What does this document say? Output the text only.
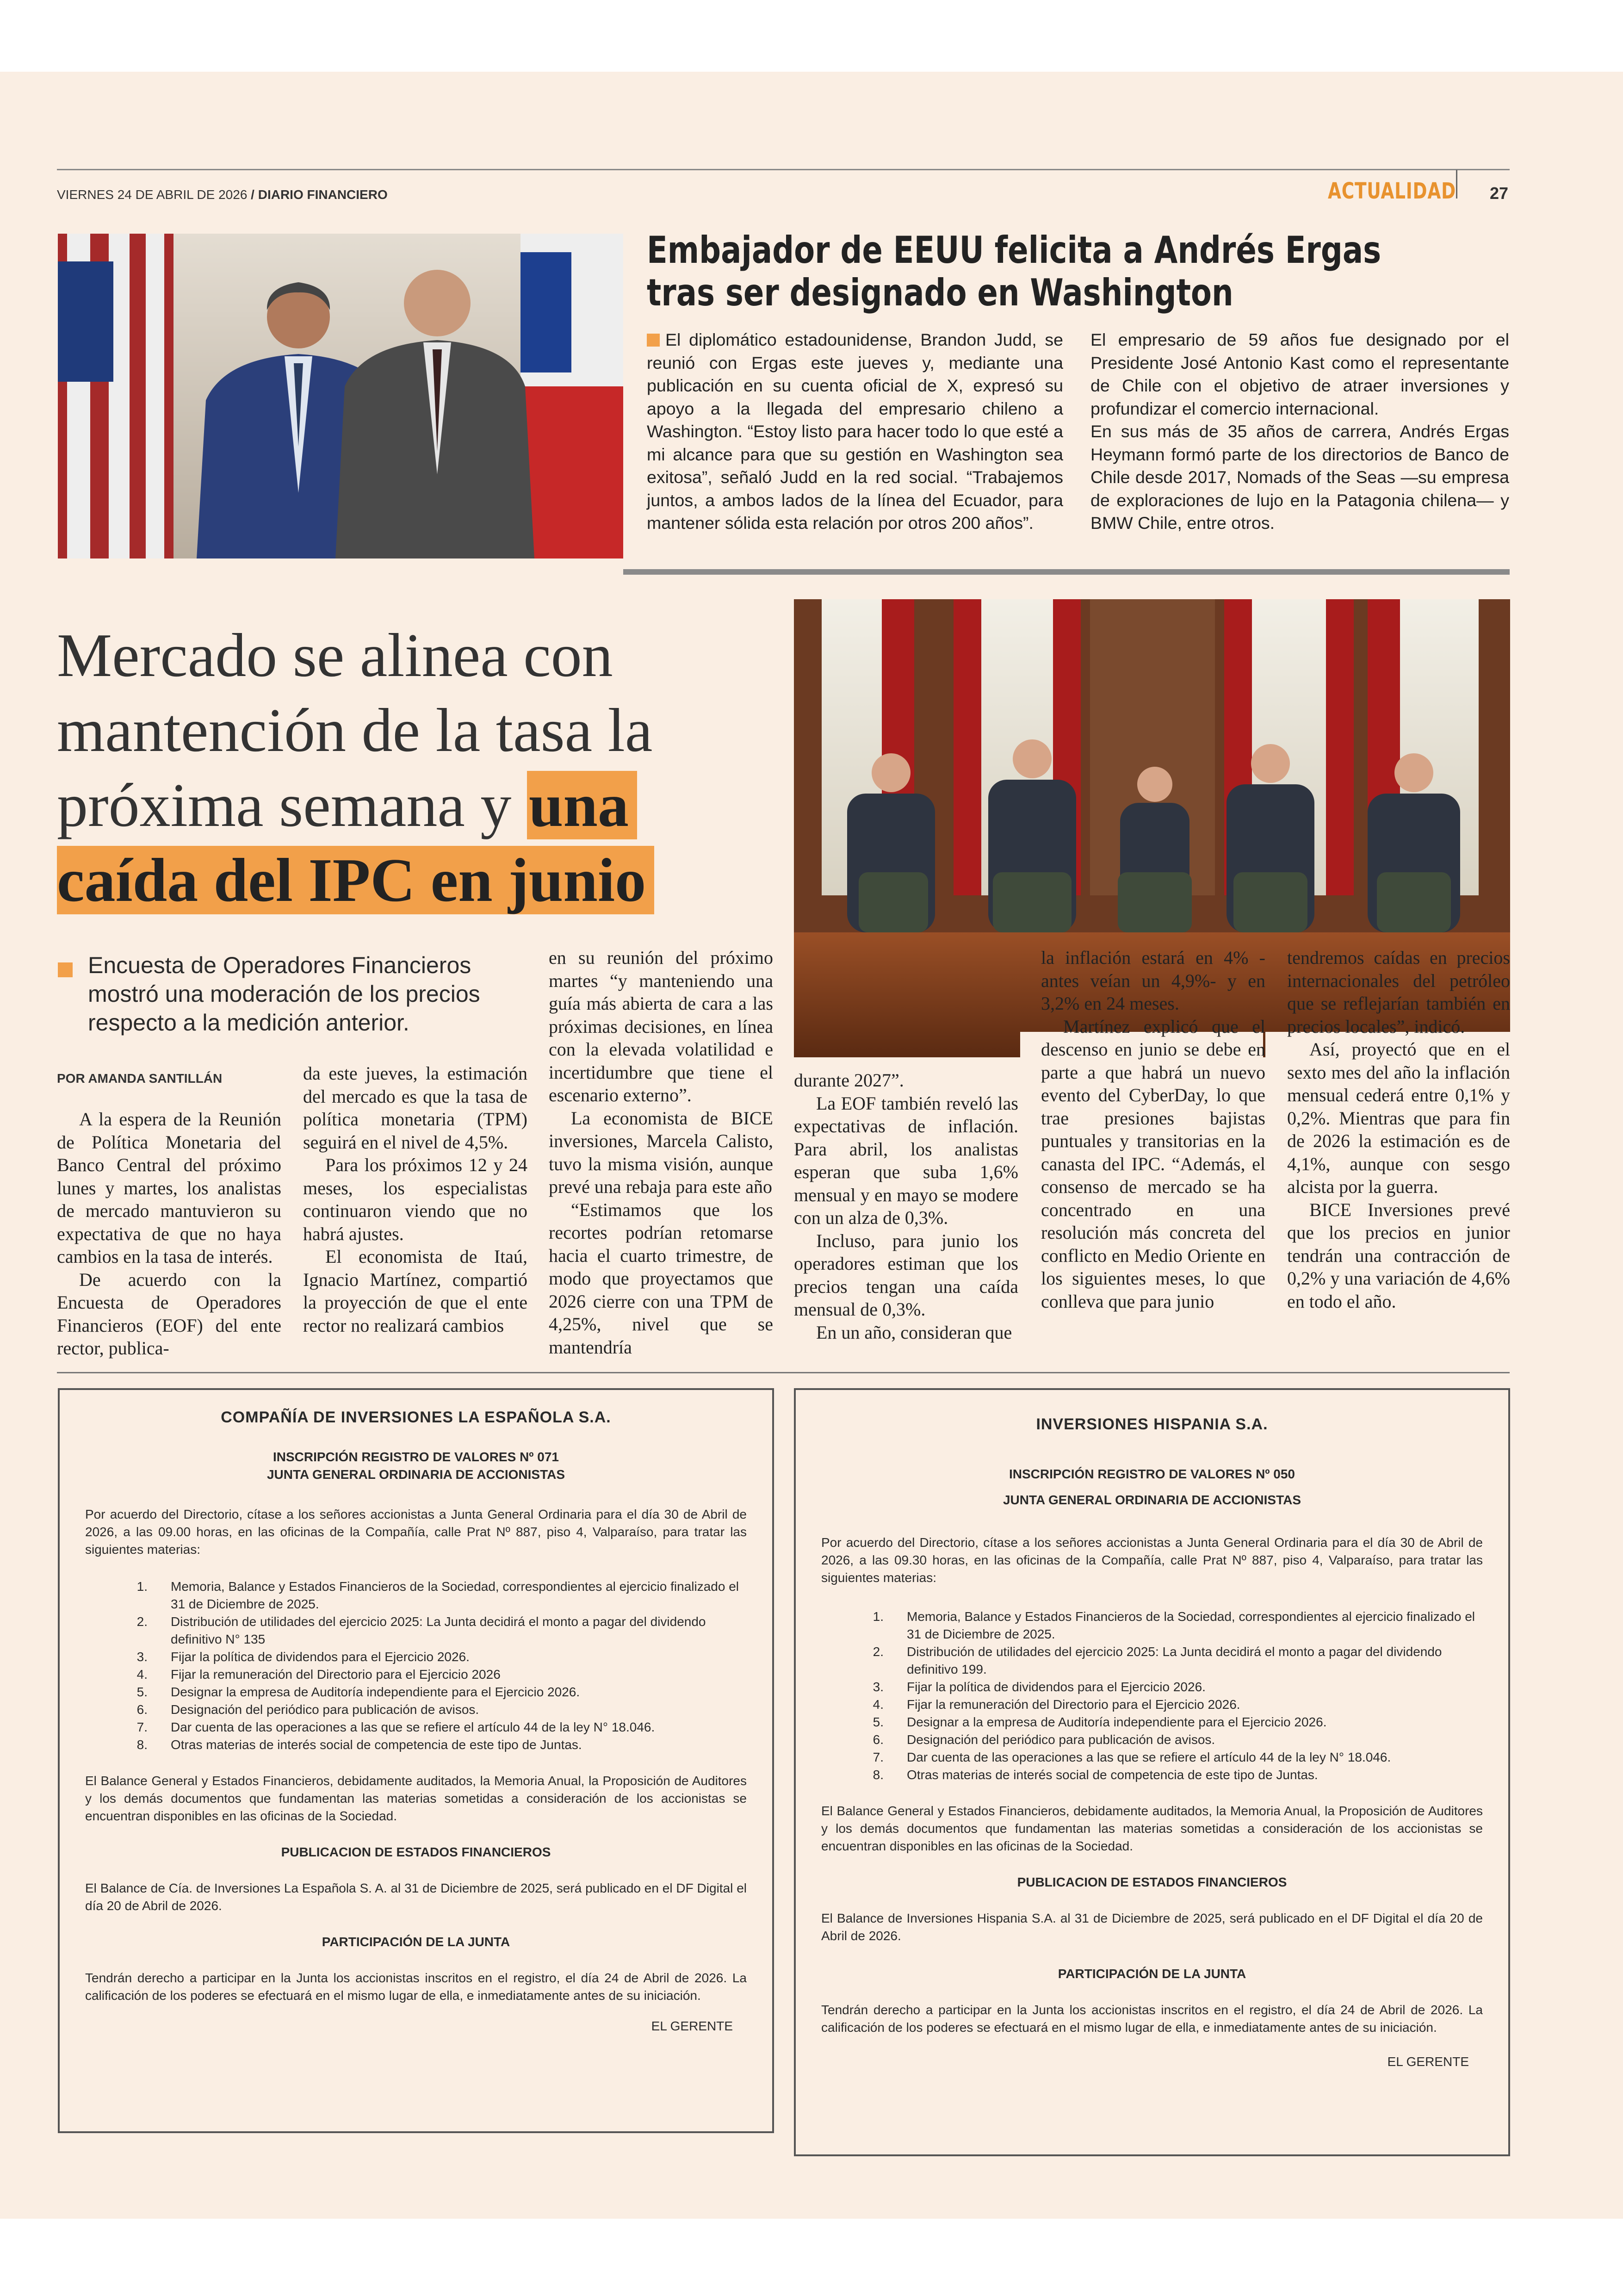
VIERNES 24 DE ABRIL DE 2026 / DIARIO FINANCIERO	ACTUALIDAD 27
Embajador de EEUU felicita a Andrés Ergas
tras ser designado en Washington
El diplomático estadounidense, Brandon Judd, se reunió con Ergas este jueves y, mediante una publicación en su cuenta oficial de X, expresó su apoyo a la llegada del empresario chileno a Washington. “Estoy listo para hacer todo lo que esté a mi alcance para que su gestión en Washington sea exitosa”, señaló Judd en la red social. “Trabajemos juntos, a ambos lados de la línea del Ecuador, para mantener sólida esta relación por otros 200 años”.
El empresario de 59 años fue designado por el Presidente José Antonio Kast como el representante de Chile con el objetivo de atraer inversiones y profundizar el comercio internacional.
En sus más de 35 años de carrera, Andrés Ergas Heymann formó parte de los directorios de Banco de Chile desde 2017, Nomads of the Seas —su empresa de exploraciones de lujo en la Patagonia chilena— y BMW Chile, entre otros.
Mercado se alinea con
mantención de la tasa la
próxima semana y una
caída del IPC en junio
Encuesta de Operadores Financieros mostró una moderación de los precios respecto a la medición anterior.
POR AMANDA SANTILLÁN

A la espera de la Reunión de Política Monetaria del Banco Central del próximo lunes y martes, los analistas de mercado mantuvieron su expectativa de que no haya cambios en la tasa de interés.

De acuerdo con la Encuesta de Operadores Financieros (EOF) del ente rector, publica-

da este jueves, la estimación del mercado es que la tasa de política monetaria (TPM) seguirá en el nivel de 4,5%.

Para los próximos 12 y 24 meses, los especialistas continuaron viendo que no habrá ajustes.

El economista de Itaú, Ignacio Martínez, compartió la proyección de que el ente rector no realizará cambios

en su reunión del próximo martes “y manteniendo una guía más abierta de cara a las próximas decisiones, en línea con la elevada volatilidad e incertidumbre que tiene el escenario externo”.

La economista de BICE inversiones, Marcela Calisto, tuvo la misma visión, aunque prevé una rebaja para este año

“Estimamos que los recortes podrían retomarse hacia el cuarto trimestre, de modo que proyectamos que 2026 cierre con una TPM de 4,25%, nivel que se mantendría

durante 2027”.

La EOF también reveló las expectativas de inflación. Para abril, los analistas esperan que suba 1,6% mensual y en mayo se modere con un alza de 0,3%.

Incluso, para junio los operadores estiman que los precios tengan una caída mensual de 0,3%.

En un año, consideran que

la inflación estará en 4% -antes veían un 4,9%- y en 3,2% en 24 meses.

Martínez explicó que el descenso en junio se debe en parte a que habrá un nuevo evento del CyberDay, lo que trae presiones bajistas puntuales y transitorias en la canasta del IPC. “Además, el consenso de mercado se ha concentrado en una resolución más concreta del conflicto en Medio Oriente en los siguientes meses, lo que conlleva que para junio

tendremos caídas en precios internacionales del petróleo que se reflejarían también en precios locales”, indicó.

Así, proyectó que en el sexto mes del año la inflación mensual cederá entre 0,1% y 0,2%. Mientras que para fin de 2026 la estimación es de 4,1%, aunque con sesgo alcista por la guerra.

BICE Inversiones prevé que los precios en junior tendrán una contracción de 0,2% y una variación de 4,6% en todo el año.

COMPAÑÍA DE INVERSIONES LA ESPAÑOLA S.A.
INSCRIPCIÓN REGISTRO DE VALORES Nº 071
JUNTA GENERAL ORDINARIA DE ACCIONISTAS
Por acuerdo del Directorio, cítase a los señores accionistas a Junta General Ordinaria para el día 30 de Abril de 2026, a las 09.00 horas, en las oficinas de la Compañía, calle Prat Nº 887, piso 4, Valparaíso, para tratar las siguientes materias:
1.	Memoria, Balance y Estados Financieros de la Sociedad, correspondientes al ejercicio finalizado el 31 de Diciembre de 2025.
2.	Distribución de utilidades del ejercicio 2025: La Junta decidirá el monto a pagar del dividendo definitivo N° 135
3.	Fijar la política de dividendos para el Ejercicio 2026.
4.	Fijar la remuneración del Directorio para el Ejercicio 2026
5.	Designar la empresa de Auditoría independiente para el Ejercicio 2026.
6.	Designación del periódico para publicación de avisos.
7.	Dar cuenta de las operaciones a las que se refiere el artículo 44 de la ley N° 18.046.
8.	Otras materias de interés social de competencia de este tipo de Juntas.
El Balance General y Estados Financieros, debidamente auditados, la Memoria Anual, la Proposición de Auditores y los demás documentos que fundamentan las materias sometidas a consideración de los accionistas se encuentran disponibles en las oficinas de la Sociedad.
PUBLICACION DE ESTADOS FINANCIEROS
El Balance de Cía. de Inversiones La Española S. A. al 31 de Diciembre de 2025, será publicado en el DF Digital el día 20 de Abril de 2026.
PARTICIPACIÓN DE LA JUNTA
Tendrán derecho a participar en la Junta los accionistas inscritos en el registro, el día 24 de Abril de 2026. La calificación de los poderes se efectuará en el mismo lugar de ella, e inmediatamente antes de su iniciación.
EL GERENTE
INVERSIONES HISPANIA S.A.
INSCRIPCIÓN REGISTRO DE VALORES Nº 050
JUNTA GENERAL ORDINARIA DE ACCIONISTAS
Por acuerdo del Directorio, cítase a los señores accionistas a Junta General Ordinaria para el día 30 de Abril de 2026, a las 09.30 horas, en las oficinas de la Compañía, calle Prat Nº 887, piso 4, Valparaíso, para tratar las siguientes materias:
1.	Memoria, Balance y Estados Financieros de la Sociedad, correspondientes al ejercicio finalizado el 31 de Diciembre de 2025.
2.	Distribución de utilidades del ejercicio 2025: La Junta decidirá el monto a pagar del dividendo definitivo 199.
3.	Fijar la política de dividendos para el Ejercicio 2026.
4.	Fijar la remuneración del Directorio para el Ejercicio 2026.
5.	Designar a la empresa de Auditoría independiente para el Ejercicio 2026.
6.	Designación del periódico para publicación de avisos.
7.	Dar cuenta de las operaciones a las que se refiere el artículo 44 de la ley N° 18.046.
8.	Otras materias de interés social de competencia de este tipo de Juntas.
El Balance General y Estados Financieros, debidamente auditados, la Memoria Anual, la Proposición de Auditores y los demás documentos que fundamentan las materias sometidas a consideración de los accionistas se encuentran disponibles en las oficinas de la Sociedad.
PUBLICACION DE ESTADOS FINANCIEROS
El Balance de Inversiones Hispania S.A. al 31 de Diciembre de 2025, será publicado en el DF Digital el día 20 de Abril de 2026.
PARTICIPACIÓN DE LA JUNTA
Tendrán derecho a participar en la Junta los accionistas inscritos en el registro, el día 24 de Abril de 2026. La calificación de los poderes se efectuará en el mismo lugar de ella, e inmediatamente antes de su iniciación.
EL GERENTE
